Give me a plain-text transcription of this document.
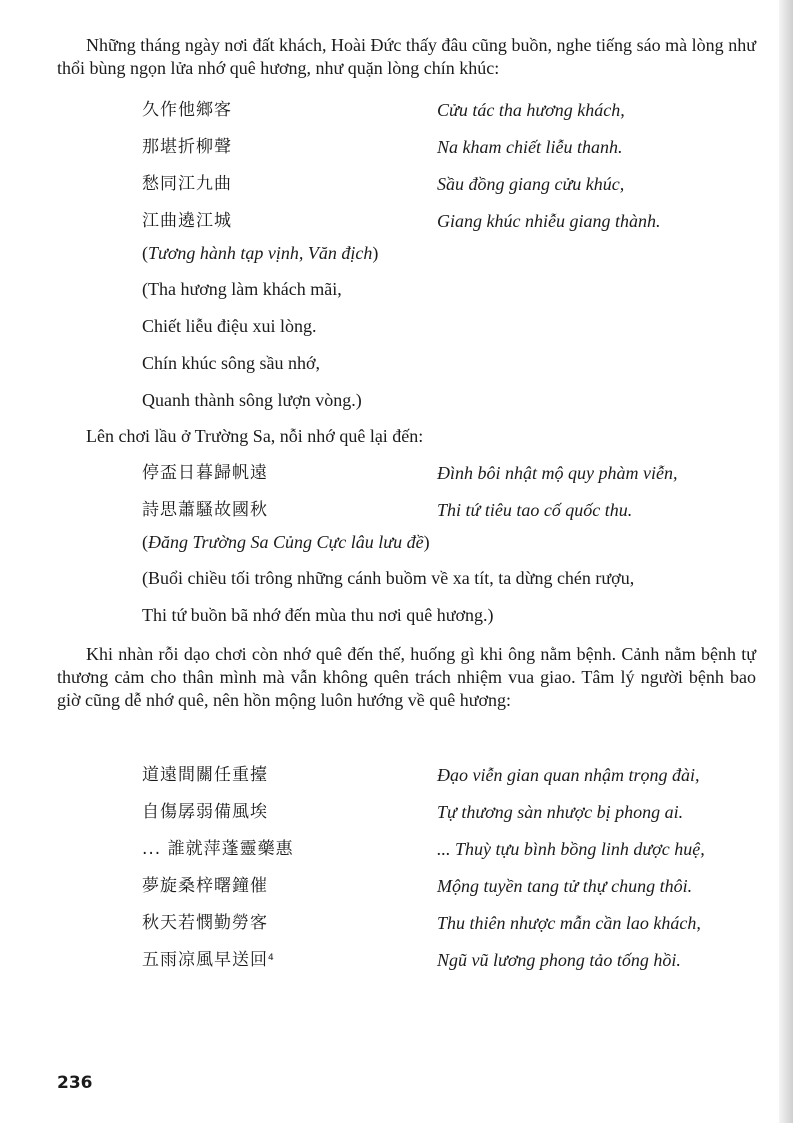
Những tháng ngày nơi đất khách, Hoài Đức thấy đâu cũng buồn, nghe tiếng sáo mà lòng như thổi bùng ngọn lửa nhớ quê hương, như quặn lòng chín khúc:

久作他鄉客	Cửu tác tha hương khách,
那堪折柳聲	Na kham chiết liễu thanh.
愁同江九曲	Sầu đồng giang cửu khúc,
江曲遶江城	Giang khúc nhiễu giang thành.
(Tương hành tạp vịnh, Văn địch)

(Tha hương làm khách mãi,

Chiết liễu điệu xui lòng.

Chín khúc sông sầu nhớ,

Quanh thành sông lượn vòng.)

Lên chơi lầu ở Trường Sa, nỗi nhớ quê lại đến:

停盃日暮歸帆遠	Đình bôi nhật mộ quy phàm viễn,
詩思蕭騷故國秋	Thi tứ tiêu tao cố quốc thu.
(Đăng Trường Sa Củng Cực lâu lưu đề)

(Buổi chiều tối trông những cánh buồm về xa tít, ta dừng chén rượu,

Thi tứ buồn bã nhớ đến mùa thu nơi quê hương.)

Khi nhàn rỗi dạo chơi còn nhớ quê đến thế, huống gì khi ông nằm bệnh. Cảnh nằm bệnh tự thương cảm cho thân mình mà vẫn không quên trách nhiệm vua giao. Tâm lý người bệnh bao giờ cũng dễ nhớ quê, nên hồn mộng luôn hướng về quê hương:

道遠間關任重擡	Đạo viễn gian quan nhậm trọng đài,
自傷孱弱備風埃	Tự thương sàn nhược bị phong ai.
... 誰就萍蓬靈藥惠	... Thuỳ tựu bình bồng linh dược huệ,
夢旋桑梓曙鐘催	Mộng tuyền tang tử thự chung thôi.
秋天若憫勤勞客	Thu thiên nhược mẫn cần lao khách,
五雨凉風早送回$^4$	Ngũ vũ lương phong tảo tống hồi.
236
